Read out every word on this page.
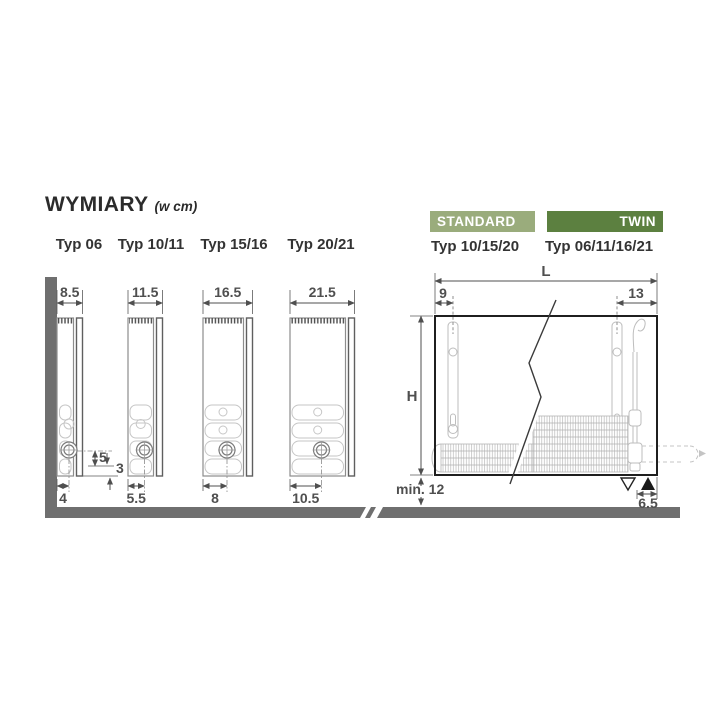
WYMIARY (w cm)
Typ 06 Typ 10/11 Typ 15/16 Typ 20/21
STANDARD	TWIN
Typ 10/15/20 Typ 06/11/16/21
8.5
4
5
3
11.5
5.5
16.5
8
21.5
10.5
L
9	13
H
min. 12
6.5
